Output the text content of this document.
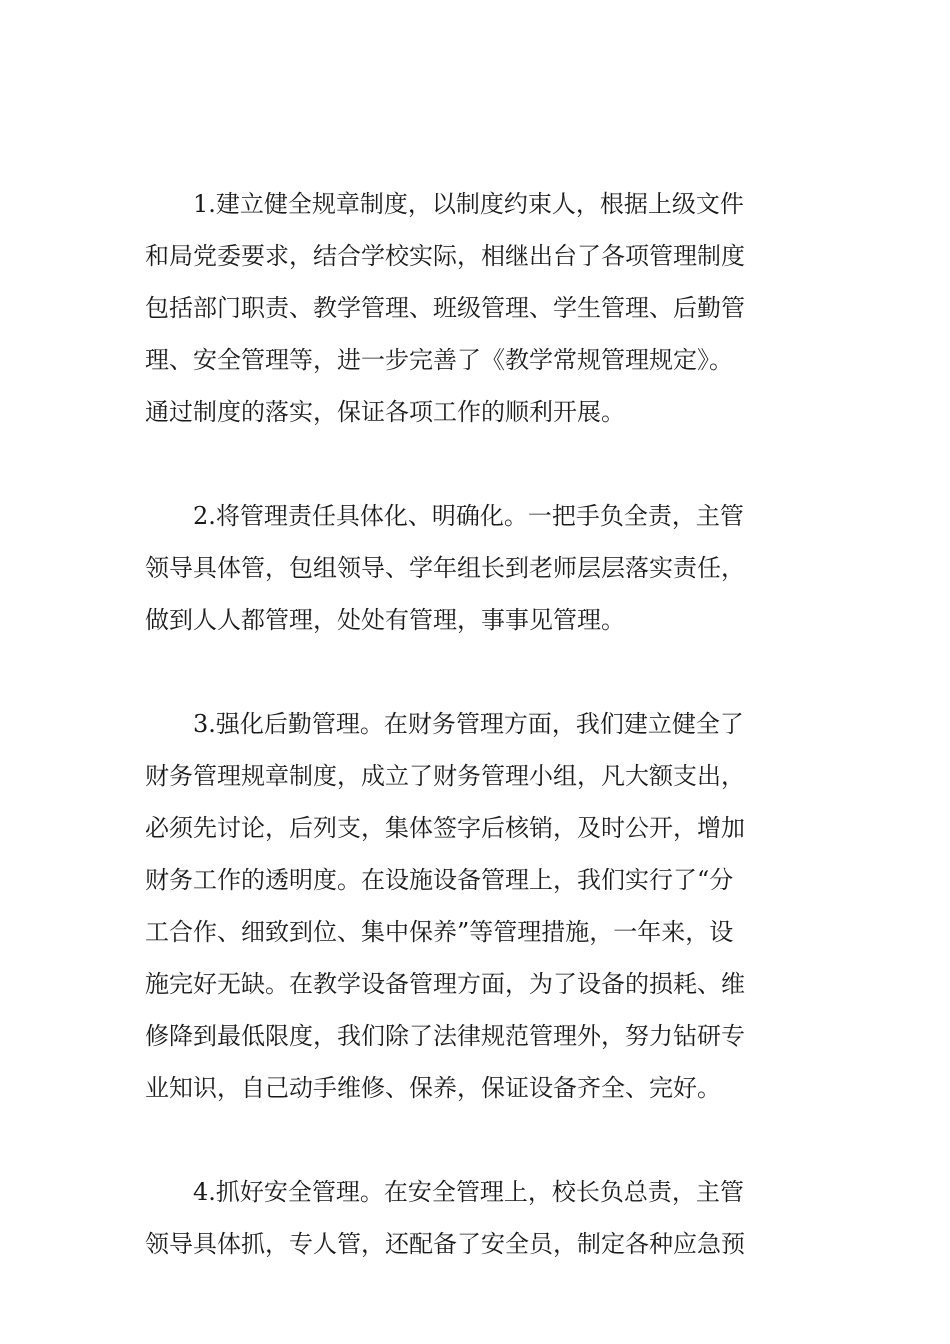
1.建立健全规章制度，以制度约束人，根据上级文件
和局党委要求，结合学校实际，相继出台了各项管理制度
包括部门职责、教学管理、班级管理、学生管理、后勤管
理、安全管理等，进一步完善了《教学常规管理规定》。
通过制度的落实，保证各项工作的顺利开展。
2.将管理责任具体化、明确化。一把手负全责，主管
领导具体管，包组领导、学年组长到老师层层落实责任，
做到人人都管理，处处有管理，事事见管理。
3.强化后勤管理。在财务管理方面，我们建立健全了
财务管理规章制度，成立了财务管理小组，凡大额支出，
必须先讨论，后列支，集体签字后核销，及时公开，增加
财务工作的透明度。在设施设备管理上，我们实行了“分
工合作、细致到位、集中保养”等管理措施，一年来，设
施完好无缺。在教学设备管理方面，为了设备的损耗、维
修降到最低限度，我们除了法律规范管理外，努力钻研专
业知识，自己动手维修、保养，保证设备齐全、完好。
4.抓好安全管理。在安全管理上，校长负总责，主管
领导具体抓，专人管，还配备了安全员，制定各种应急预
